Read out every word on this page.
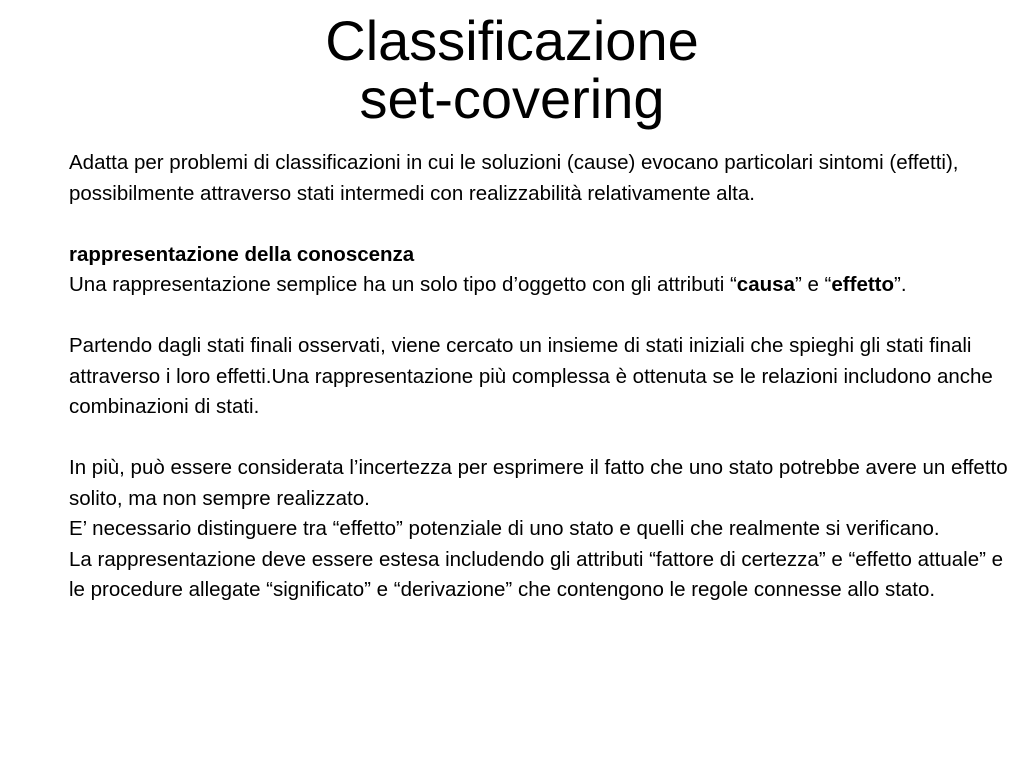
Classificazione
set-covering

Adatta per problemi di classificazioni in cui le soluzioni (cause) evocano particolari sintomi (effetti), possibilmente attraverso stati intermedi con realizzabilità relativamente alta.

rappresentazione della conoscenza

Una rappresentazione semplice ha un solo tipo d’oggetto con gli attributi “causa” e “effetto”.

Partendo dagli stati finali osservati, viene cercato un insieme di stati iniziali che spieghi gli stati finali attraverso i loro effetti.Una rappresentazione più complessa è ottenuta se le relazioni includono anche combinazioni di stati.

In più, può essere considerata l’incertezza per esprimere il fatto che uno stato potrebbe avere un effetto solito, ma non sempre realizzato.

E’ necessario distinguere tra “effetto” potenziale di uno stato e quelli che realmente si verificano.

La rappresentazione deve essere estesa includendo gli attributi “fattore di certezza” e “effetto attuale” e le procedure allegate “significato” e “derivazione” che contengono le regole connesse allo stato.
